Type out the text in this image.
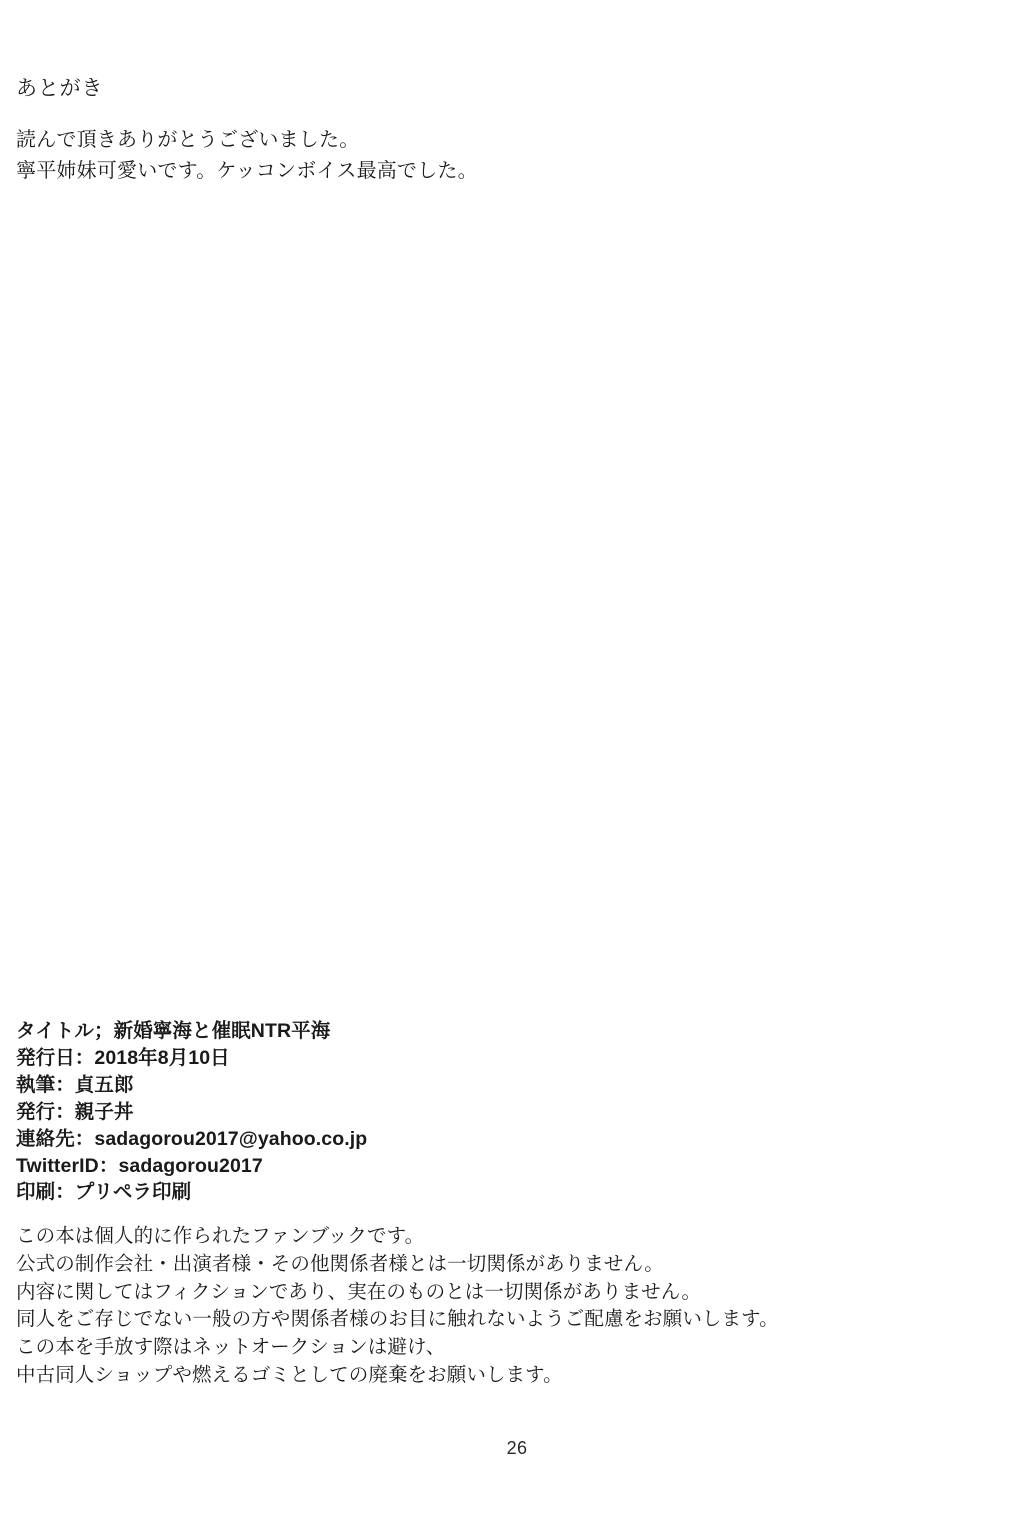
あとがき
読んで頂きありがとうございました。
寧平姉妹可愛いです。ケッコンボイス最高でした。
タイトル；新婚寧海と催眠NTR平海
発行日：2018年8月10日
執筆：貞五郎
発行：親子丼
連絡先：sadagorou2017@yahoo.co.jp
TwitterID：sadagorou2017
印刷：プリペラ印刷
この本は個人的に作られたファンブックです。
公式の制作会社・出演者様・その他関係者様とは一切関係がありません。
内容に関してはフィクションであり、実在のものとは一切関係がありません。
同人をご存じでない一般の方や関係者様のお目に触れないようご配慮をお願いします。
この本を手放す際はネットオークションは避け、
中古同人ショップや燃えるゴミとしての廃棄をお願いします。
26
